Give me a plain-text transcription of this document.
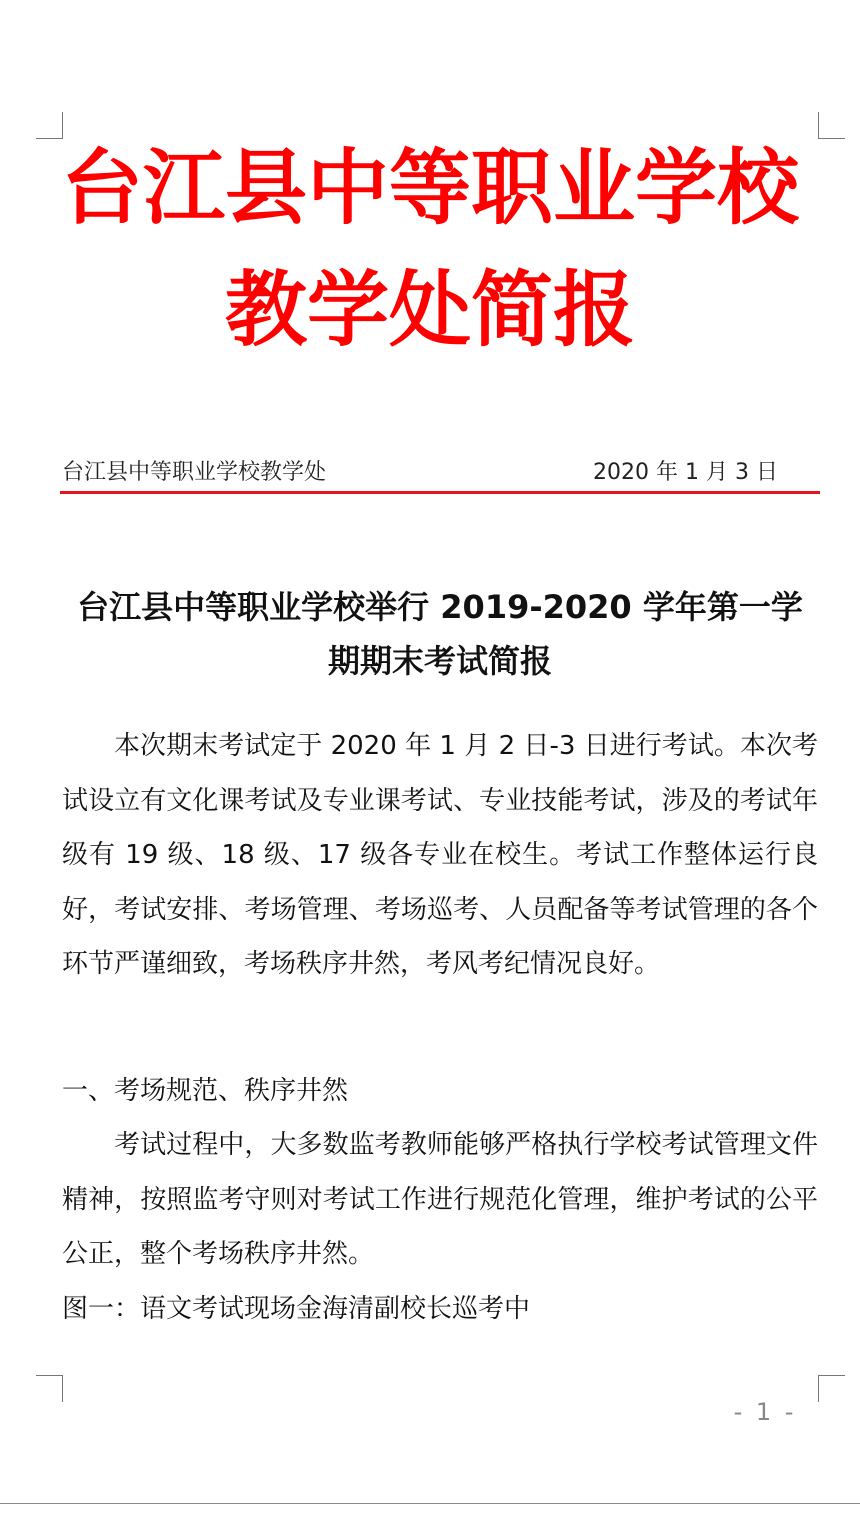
台江县中等职业学校
教学处简报
台江县中等职业学校教学处	2020 年 1 月 3 日
台江县中等职业学校举行 2019-2020 学年第一学期期末考试简报
本次期末考试定于 2020 年 1 月 2 日-3 日进行考试。本次考试设立有文化课考试及专业课考试、专业技能考试，涉及的考试年级有 19 级、18 级、17 级各专业在校生。考试工作整体运行良好，考试安排、考场管理、考场巡考、人员配备等考试管理的各个环节严谨细致，考场秩序井然，考风考纪情况良好。
一、考场规范、秩序井然
考试过程中，大多数监考教师能够严格执行学校考试管理文件精神，按照监考守则对考试工作进行规范化管理，维护考试的公平公正，整个考场秩序井然。
图一：语文考试现场金海清副校长巡考中
- 1 -
